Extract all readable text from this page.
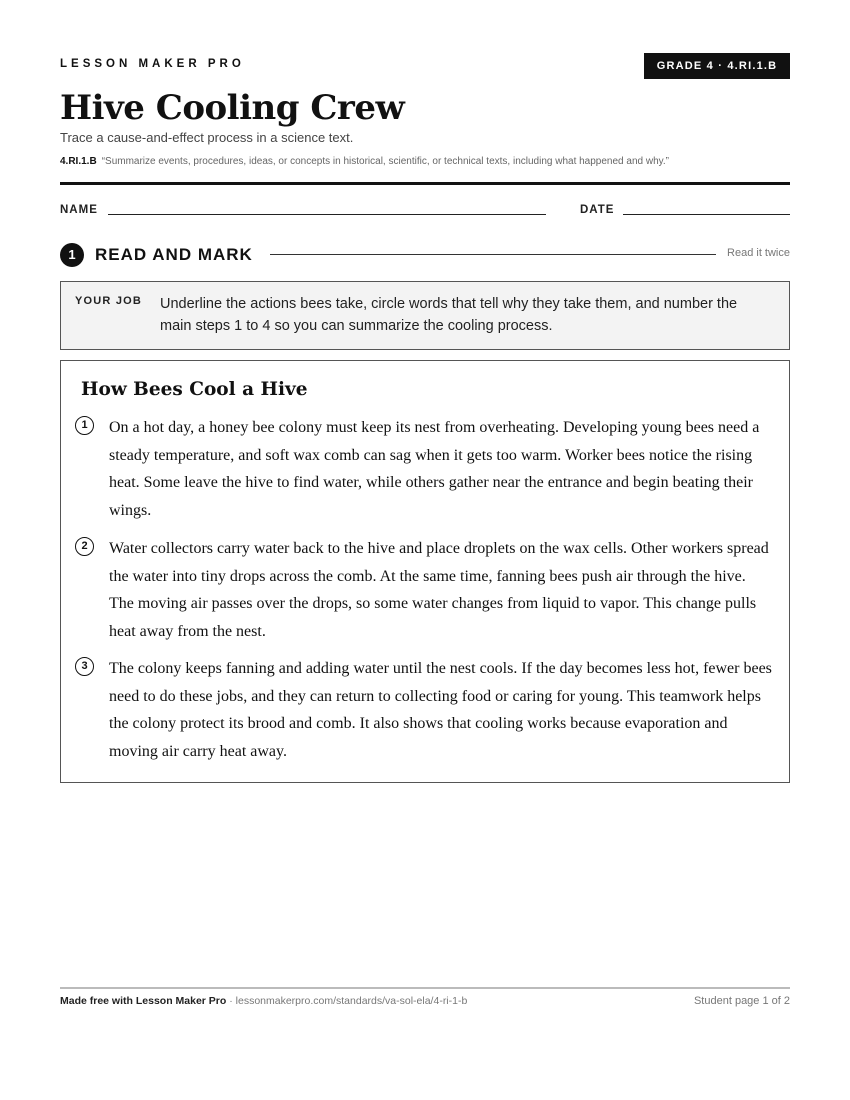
LESSON MAKER PRO	GRADE 4 · 4.RI.1.B
Hive Cooling Crew
Trace a cause-and-effect process in a science text.
4.RI.1.B “Summarize events, procedures, ideas, or concepts in historical, scientific, or technical texts, including what happened and why.”
NAME	DATE
1	READ AND MARK	Read it twice
YOUR JOB Underline the actions bees take, circle words that tell why they take them, and number the main steps 1 to 4 so you can summarize the cooling process.
How Bees Cool a Hive
1	On a hot day, a honey bee colony must keep its nest from overheating. Developing young bees need a steady temperature, and soft wax comb can sag when it gets too warm. Worker bees notice the rising heat. Some leave the hive to find water, while others gather near the entrance and begin beating their wings.

2	Water collectors carry water back to the hive and place droplets on the wax cells. Other workers spread the water into tiny drops across the comb. At the same time, fanning bees push air through the hive. The moving air passes over the drops, so some water changes from liquid to vapor. This change pulls heat away from the nest.

3	The colony keeps fanning and adding water until the nest cools. If the day becomes less hot, fewer bees need to do these jobs, and they can return to collecting food or caring for young. This teamwork helps the colony protect its brood and comb. It also shows that cooling works because evaporation and moving air carry heat away.

Made free with Lesson Maker Pro · lessonmakerpro.com/standards/va-sol-ela/4-ri-1-b	Student page 1 of 2
